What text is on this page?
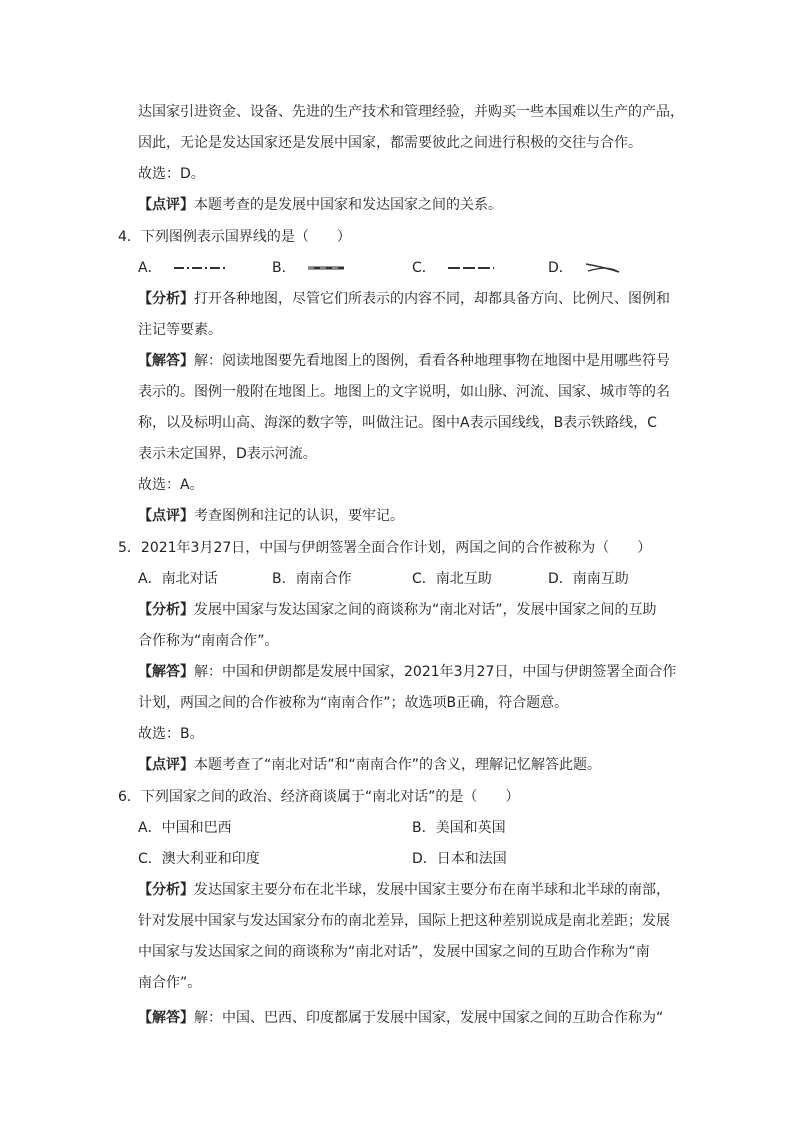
达国家引进资金、设备、先进的生产技术和管理经验，并购买一些本国难以生产的产品，
因此，无论是发达国家还是发展中国家，都需要彼此之间进行积极的交往与合作。
故选：D。
【点评】本题考查的是发展中国家和发达国家之间的关系。
4．下列图例表示国界线的是（　　）
A．	B．	C．	D．
【分析】打开各种地图，尽管它们所表示的内容不同，却都具备方向、比例尺、图例和
注记等要素。
【解答】解：阅读地图要先看地图上的图例，看看各种地理事物在地图中是用哪些符号
表示的。图例一般附在地图上。地图上的文字说明，如山脉、河流、国家、城市等的名
称，以及标明山高、海深的数字等，叫做注记。图中A表示国线线，B表示铁路线，C
表示未定国界，D表示河流。
故选：A。
【点评】考查图例和注记的认识，要牢记。
5．2021年3月27日，中国与伊朗签署全面合作计划，两国之间的合作被称为（　　）
A．南北对话	B．南南合作	C．南北互助	D．南南互助
【分析】发展中国家与发达国家之间的商谈称为“南北对话”，发展中国家之间的互助
合作称为“南南合作”。
【解答】解：中国和伊朗都是发展中国家，2021年3月27日，中国与伊朗签署全面合作
计划，两国之间的合作被称为“南南合作”；故选项B正确，符合题意。
故选：B。
【点评】本题考查了“南北对话”和“南南合作”的含义，理解记忆解答此题。
6．下列国家之间的政治、经济商谈属于“南北对话”的是（　　）
A．中国和巴西	B．美国和英国
C．澳大利亚和印度	D．日本和法国
【分析】发达国家主要分布在北半球，发展中国家主要分布在南半球和北半球的南部，
针对发展中国家与发达国家分布的南北差异，国际上把这种差别说成是南北差距；发展
中国家与发达国家之间的商谈称为“南北对话”，发展中国家之间的互助合作称为“南
南合作”。
【解答】解：中国、巴西、印度都属于发展中国家，发展中国家之间的互助合作称为“
